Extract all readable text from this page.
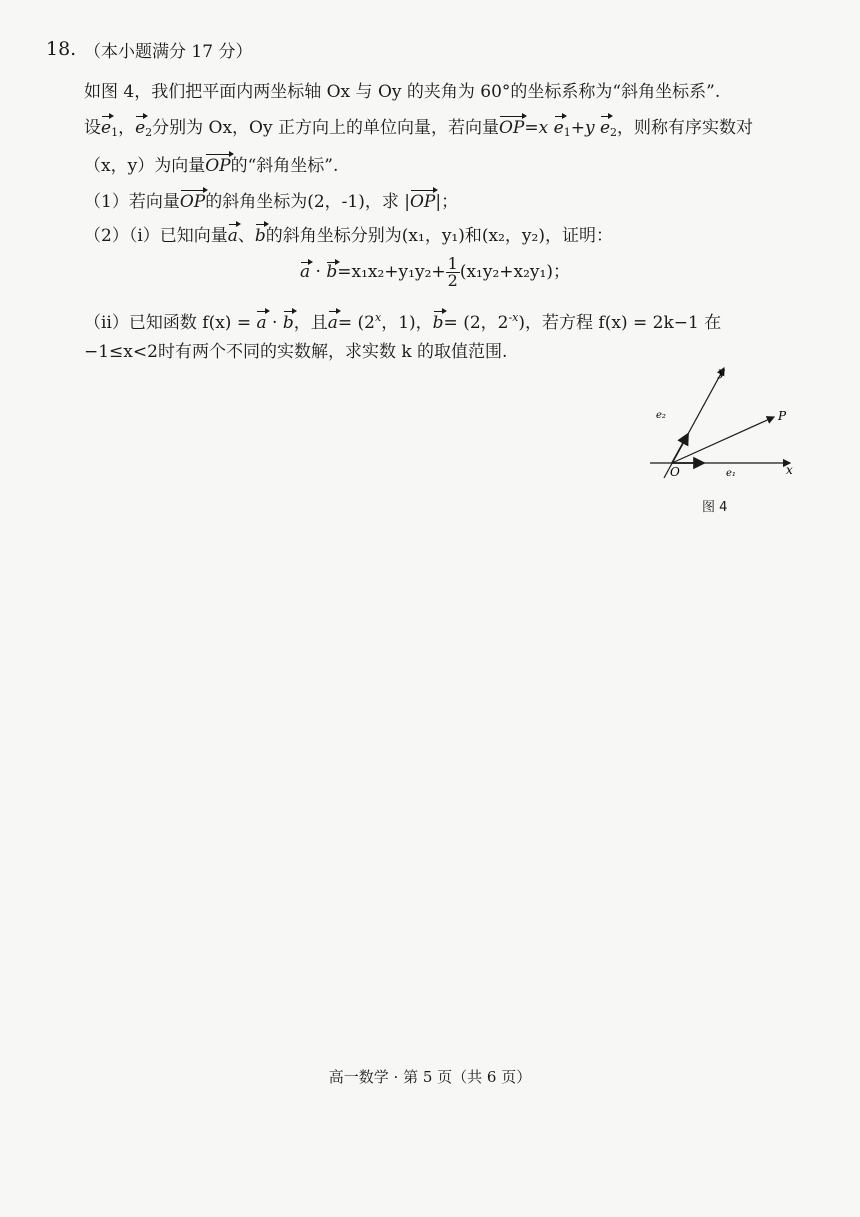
18. （本小题满分 17 分）
如图 4，我们把平面内两坐标轴 Ox 与 Oy 的夹角为 60°的坐标系称为“斜角坐标系”.
设$e_1$，$e_2$分别为 Ox，Oy 正方向上的单位向量，若向量OP=x $e_1+y$ $e_2$，则称有序实数对
（x，y）为向量OP的“斜角坐标”.
（1）若向量OP的斜角坐标为(2，-1)，求 |OP|；
（2）（ⅰ）已知向量a、b的斜角坐标分别为(x₁，y₁)和(x₂，y₂)，证明：
$a \cdot b=x_1x_2+y_1y_2+ \frac{1}{2} (x_1y_2+x_2y_1)$；
（ⅱ）已知函数 f(x) = a · b，且$a= (2^x$，1)，b= (2，$2^{-x}$)，若方程 f(x) = 2k−1 在
−1≤x<2时有两个不同的实数解，求实数 k 的取值范围.
y
x
O
P
e₁
e₂
图 4
高一数学 · 第 5 页（共 6 页）
